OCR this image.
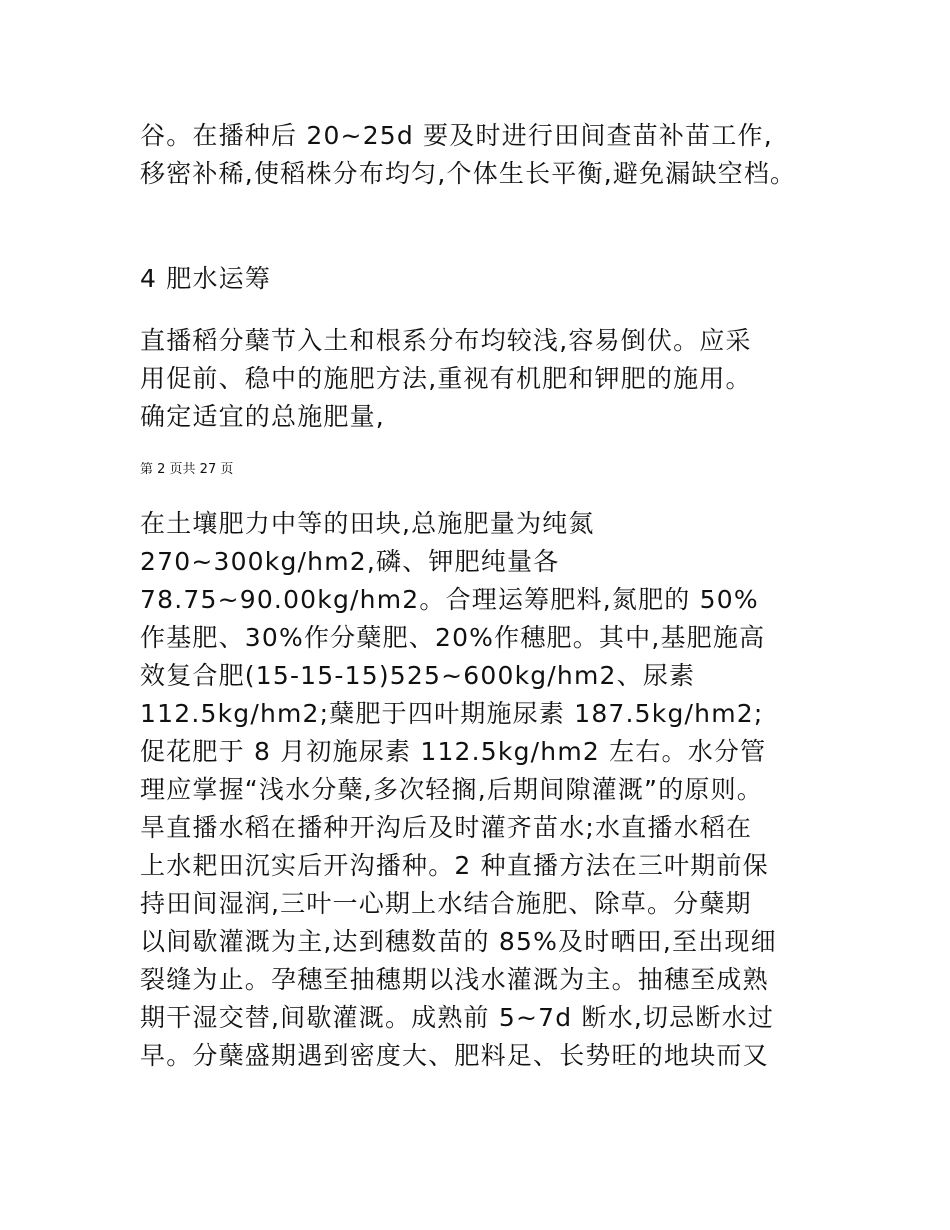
谷。在播种后 20~25d 要及时进行田间查苗补苗工作,
移密补稀,使稻株分布均匀,个体生长平衡,避免漏缺空档。
4 肥水运筹
直播稻分蘖节入土和根系分布均较浅,容易倒伏。应采
用促前、稳中的施肥方法,重视有机肥和钾肥的施用。
确定适宜的总施肥量,
第 2 页共 27 页
在土壤肥力中等的田块,总施肥量为纯氮
270~300kg/hm2,磷、钾肥纯量各
78.75~90.00kg/hm2。合理运筹肥料,氮肥的 50%
作基肥、30%作分蘖肥、20%作穗肥。其中,基肥施高
效复合肥(15-15-15)525~600kg/hm2、尿素
112.5kg/hm2;蘖肥于四叶期施尿素 187.5kg/hm2;
促花肥于 8 月初施尿素 112.5kg/hm2 左右。水分管
理应掌握“浅水分蘖,多次轻搁,后期间隙灌溉”的原则。
旱直播水稻在播种开沟后及时灌齐苗水;水直播水稻在
上水耙田沉实后开沟播种。2 种直播方法在三叶期前保
持田间湿润,三叶一心期上水结合施肥、除草。分蘖期
以间歇灌溉为主,达到穗数苗的 85%及时晒田,至出现细
裂缝为止。孕穗至抽穗期以浅水灌溉为主。抽穗至成熟
期干湿交替,间歇灌溉。成熟前 5~7d 断水,切忌断水过
早。分蘖盛期遇到密度大、肥料足、长势旺的地块而又
